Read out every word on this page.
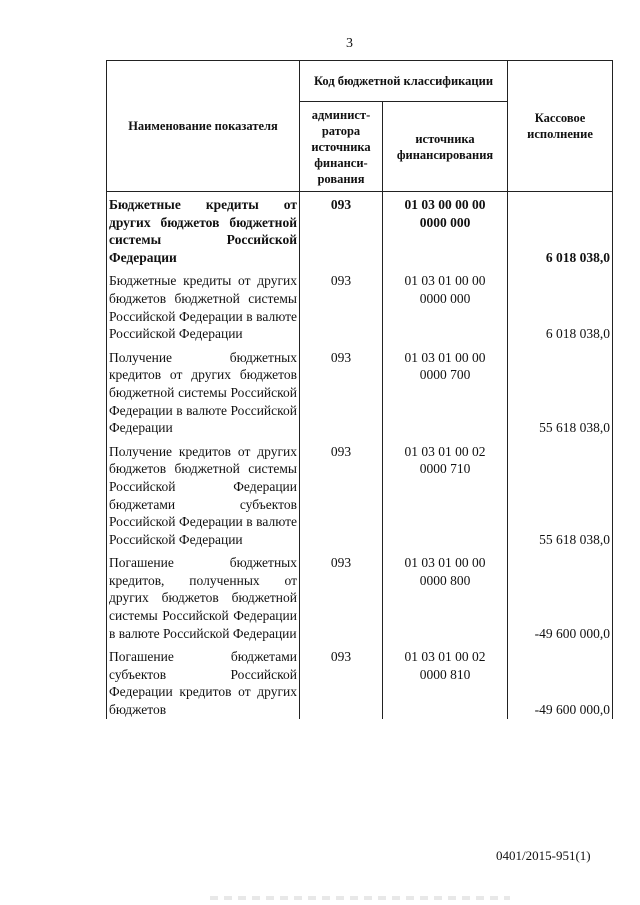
3
Наименование показателя	Код бюджетной классификации		Кассовое
исполнение
	админист-
ратора
источника
финанси-
рования	источника
финансирования	
Бюджетные кредиты от других бюджетов бюджетной системы Российской Федерации	093	01 03 00 00 00
0000 000	6 018 038,0

Бюджетные кредиты от других бюджетов бюджетной системы Российской Федерации в валюте Российской Федерации	093	01 03 01 00 00
0000 000	6 018 038,0

Получение бюджетных кредитов от других бюджетов бюджетной системы Российской Федерации в валюте Российской Федерации	093	01 03 01 00 00
0000 700	55 618 038,0

Получение кредитов от других бюджетов бюджетной системы Российской Федерации бюджетами субъектов Российской Федерации в валюте Российской Федерации	093	01 03 01 00 02
0000 710	55 618 038,0

Погашение бюджетных кредитов, полученных от других бюджетов бюджетной системы Российской Федерации в валюте Российской Федерации	093	01 03 01 00 00
0000 800	-49 600 000,0

Погашение бюджетами субъектов Российской Федерации кредитов от других бюджетов	093	01 03 01 00 02
0000 810	-49 600 000,0
0401/2015-951(1)
